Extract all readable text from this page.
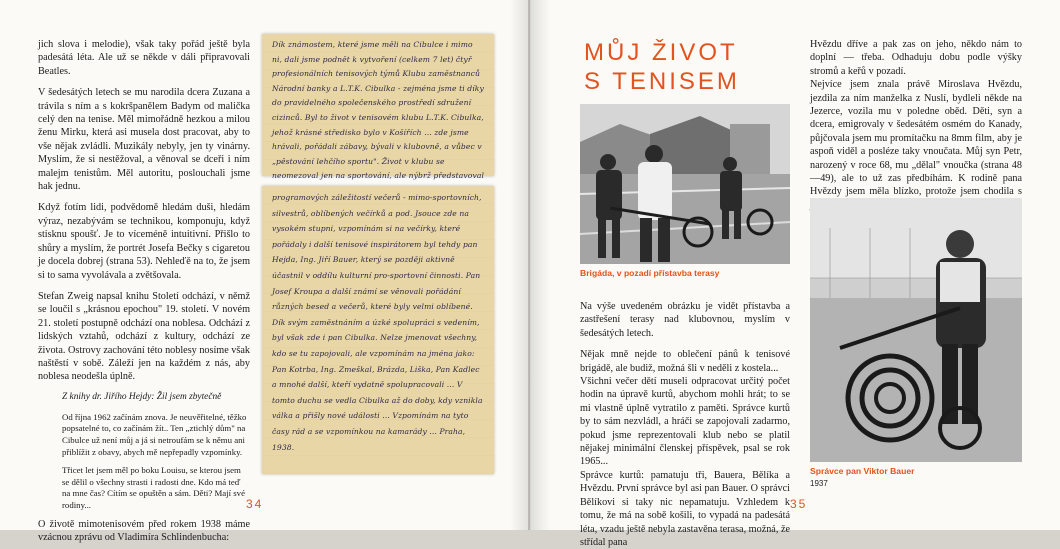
jich slova i melodie), však taky pořád ještě byla padesátá léta. Ale už se někde v dáli připravovali Beatles.

V šedesátých letech se mu narodila dcera Zuzana a trávila s ním a s kokršpanělem Badym od malička celý den na tenise. Měl mimořádně hezkou a milou ženu Mirku, která asi musela dost pracovat, aby to vše nějak zvládli. Muzikály nebyly, jen ty vinárny. Myslím, že si nestěžoval, a věnoval se dceři i ním malejm tenistům. Měl autoritu, poslouchali jsme hak jednu.

Když fotím lidi, podvědomě hledám duši, hledám výraz, nezabývám se technikou, komponuju, když stisknu spoušť. Je to víceméně intuitivní. Přišlo to shůry a myslím, že portrét Josefa Bečky s cigaretou je docela dobrej (strana 53). Nehleďě na to, že jsem si to sama vyvolávala a zvětšovala.

Stefan Zweig napsal knihu Století odchází, v němž se loučil s „krásnou epochou" 19. století. V novém 21. století postupně odchází ona noblesa. Odchází z lidských vztahů, odchází z kultury, odchází ze života. Ostrovy zachování této noblesy nosíme však naštěstí v sobě. Záleží jen na každém z nás, aby noblesa neodešla úplně.

Z knihy dr. Jiřího Hejdy: Žil jsem zbytečně

Od října 1962 začínám znova. Je neuvěřitelné, těžko popsatelné to, co začínám žít.. Ten „ztichlý dům" na Cibulce už není můj a já si netroufám se k němu ani přiblížit z obavy, abych mě nepřepadly vzpomínky.

Třicet let jsem měl po boku Louisu, se kterou jsem se dělil o všechny strasti i radosti dne. Kdo má teď na mne čas? Cítím se opuštěn a sám. Děti? Mají své rodiny...

O životě mimotenisovém před rokem 1938 máme vzácnou zprávu od Vladimíra Schlindenbucha:

Dík známostem, které jsme měli na Cibulce i mimo ni, dali jsme podnět k vytvoření (celkem 7 let) čtyř profesionálních tenisových týmů Klubu zaměstnanců Národní banky a L.T.K. Cibulka - zejména jsme ti díky do pravidelného společenského prostředí sdružení cizinců. Byl to život v tenisovém klubu L.T.K. Cibulka, jehož krásné středisko bylo v Košířích ... zde jsme hrávali, pořádali zábavy, bývali v klubovně, a vůbec v „pěstování lehčího sportu". Život v klubu se neomezoval jen na sportování, ale nýbrž představoval
programových záležitostí večerů - mimo-sportovních, silvestrů, oblíbených večírků a pod. Jsouce zde na vysokém stupni, vzpomínám si na večírky, které pořádaly i další tenisové inspirátorem byl tehdy pan Hejda, Ing. Jiří Bauer, který se později aktivně účastnil v oddílu kulturní pro-sportovní činnosti. Pan Josef Kroupa a další známí se věnovali pořádání různých besed a večerů, které byly velmi oblíbené. Dík svým zaměstnáním a úzké spolupráci s vedením, byl však zde i pan Cibulka. Nelze jmenovat všechny, kdo se tu zapojovali, ale vzpomínám na jména jako: Pan Kotrba, Ing. Zmeškal, Brázda, Liška, Pan Kadlec a mnohé další, kteří vydatně spolupracovali ... V tomto duchu se vedla Cibulka až do doby, kdy vznikla válka a přišly nové události ... Vzpomínám na tyto časy rád a se vzpomínkou na kamarády ... Praha, 1938.
34
MŮJ ŽIVOT
S TENISEM
Brigáda, v pozadí přístavba terasy

Na výše uvedeném obrázku je vidět přístavba a zastřešení terasy nad klubovnou, myslím v šedesátých letech.

Nějak mně nejde to oblečení pánů k tenisové brigádě, ale budiž, možná šli v neděli z kostela...

Všichni večer dětí museli odpracovat určitý počet hodin na úpravě kurtů, abychom mohli hrát; to se mi vlastně úplně vytratilo z paměti. Správce kurtů by to sám nezvládl, a hráči se zapojovali zadarmo, pokud jsme reprezentovali klub nebo se platil nějakej minimální členskej příspěvek, psal se rok 1965...

Správce kurtů: pamatuju tři, Bauera, Bělíka a Hvězdu. První správce byl asi pan Bauer. O správci Bělíkovi si taky nic nepamatuju. Vzhledem k tomu, že má na sobě košili, to vypadá na padesátá léta, vzadu ještě nebyla zastavěna terasa, možná, že střídal pana

Hvězdu dříve a pak zas on jeho, někdo nám to doplní — třeba. Odhaduju dobu podle výšky stromů a keřů v pozadí.

Nejvíce jsem znala právě Miroslava Hvězdu, jezdila za ním manželka z Nuslí, bydleli někde na Jezerce, vozila mu v poledne oběd. Děti, syn a dcera, emigrovaly v šedesátém osmém do Kanady, půjčovala jsem mu promítačku na 8mm film, aby je aspoň viděl a posléze taky vnoučata. Můj syn Petr, narozený v roce 68, mu „dělal" vnoučka (strana 48—49), ale to už zas předbíhám. K rodině pana Hvězdy jsem měla blízko, protože jsem chodila s

Správce pan Viktor Bauer
1937
35
